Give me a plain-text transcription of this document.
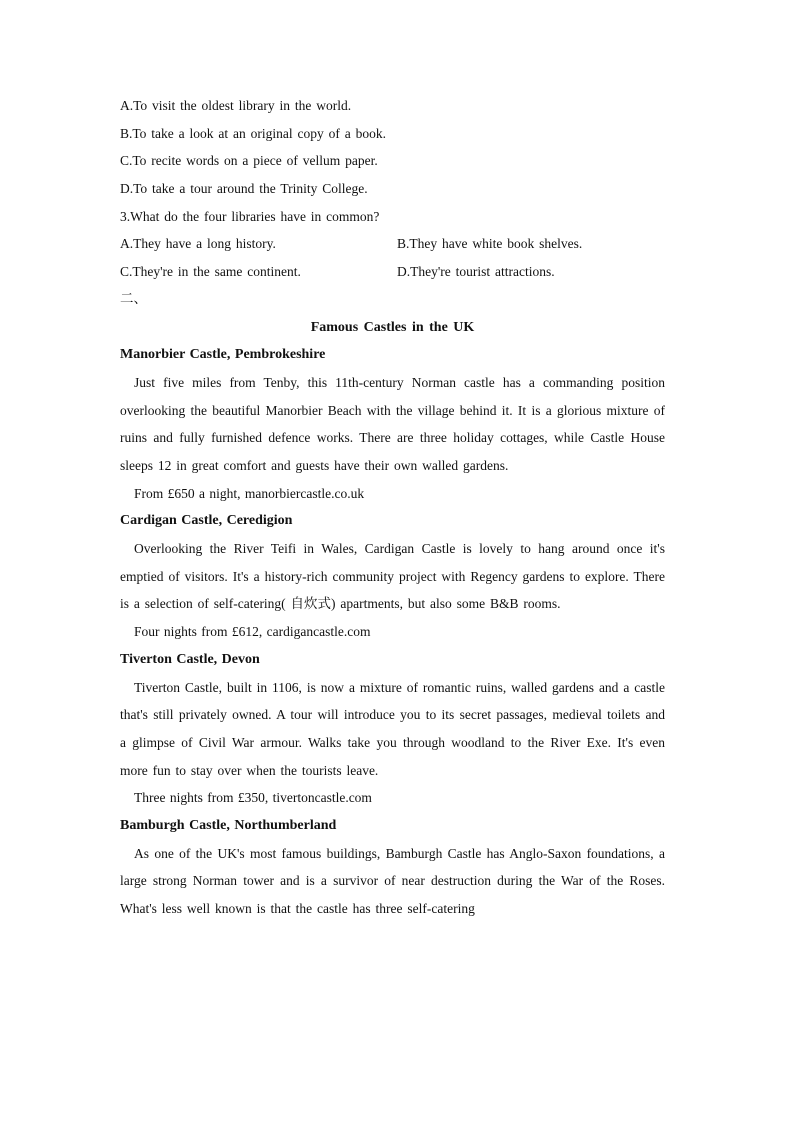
A.To visit the oldest library in the world.
B.To take a look at an original copy of a book.
C.To recite words on a piece of vellum paper.
D.To take a tour around the Trinity College.
3.What do the four libraries have in common?
A.They have a long history.	B.They have white book shelves.
C.They're in the same continent.	D.They're tourist attractions.
二、
Famous Castles in the UK
Manorbier Castle, Pembrokeshire
Just five miles from Tenby, this 11th-century Norman castle has a commanding position overlooking the beautiful Manorbier Beach with the village behind it. It is a glorious mixture of ruins and fully furnished defence works. There are three holiday cottages, while Castle House sleeps 12 in great comfort and guests have their own walled gardens.
From £650 a night, manorbiercastle.co.uk
Cardigan Castle, Ceredigion
Overlooking the River Teifi in Wales, Cardigan Castle is lovely to hang around once it's emptied of visitors. It's a history-rich community project with Regency gardens to explore. There is a selection of self-catering( 自炊式) apartments, but also some B&B rooms.
Four nights from £612, cardigancastle.com
Tiverton Castle, Devon
Tiverton Castle, built in 1106, is now a mixture of romantic ruins, walled gardens and a castle that's still privately owned. A tour will introduce you to its secret passages, medieval toilets and a glimpse of Civil War armour. Walks take you through woodland to the River Exe. It's even more fun to stay over when the tourists leave.
Three nights from £350, tivertoncastle.com
Bamburgh Castle, Northumberland
As one of the UK's most famous buildings, Bamburgh Castle has Anglo-Saxon foundations, a large strong Norman tower and is a survivor of near destruction during the War of the Roses. What's less well known is that the castle has three self-catering
